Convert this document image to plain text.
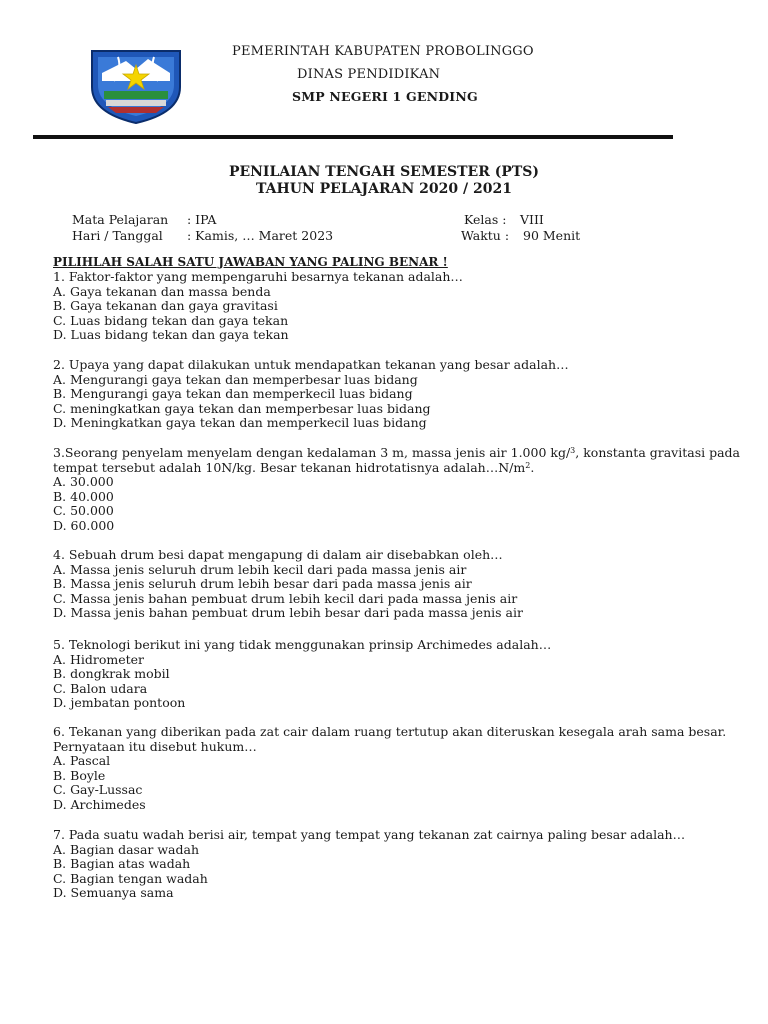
PEMERINTAH KABUPATEN PROBOLINGGO
DINAS PENDIDIKAN
SMP NEGERI 1 GENDING
PENILAIAN TENGAH SEMESTER (PTS)
TAHUN PELAJARAN 2020 / 2021
Mata Pelajaran : IPA
Hari / Tanggal : Kamis, … Maret 2023
Kelas : VIII
Waktu : 90 Menit
PILIHLAH SALAH SATU JAWABAN YANG PALING BENAR !
1. Faktor-faktor yang mempengaruhi besarnya tekanan adalah…
A. Gaya tekanan dan massa benda
B. Gaya tekanan dan gaya gravitasi
C. Luas bidang tekan dan gaya tekan
D. Luas bidang tekan dan gaya tekan
2. Upaya yang dapat dilakukan untuk mendapatkan tekanan yang besar adalah…
A. Mengurangi gaya tekan dan memperbesar luas bidang
B. Mengurangi gaya tekan dan memperkecil luas bidang
C. meningkatkan gaya tekan dan memperbesar luas bidang
D. Meningkatkan gaya tekan dan memperkecil luas bidang
3.Seorang penyelam menyelam dengan kedalaman 3 m, massa jenis air 1.000 kg/$^3$, konstanta gravitasi pada
tempat tersebut adalah 10N/kg. Besar tekanan hidrotatisnya $adalah\dots N/m^2$.
A. 30.000
B. 40.000
C. 50.000
D. 60.000
4. Sebuah drum besi dapat mengapung di dalam air disebabkan oleh…
A. Massa jenis seluruh drum lebih kecil dari pada massa jenis air
B. Massa jenis seluruh drum lebih besar dari pada massa jenis air
C. Massa jenis bahan pembuat drum lebih kecil dari pada massa jenis air
D. Massa jenis bahan pembuat drum lebih besar dari pada massa jenis air
5. Teknologi berikut ini yang tidak menggunakan prinsip Archimedes adalah…
A. Hidrometer
B. dongkrak mobil
C. Balon udara
D. jembatan pontoon
6. Tekanan yang diberikan pada zat cair dalam ruang tertutup akan diteruskan kesegala arah sama besar.
Pernyataan itu disebut hukum…
A. Pascal
B. Boyle
C. Gay-Lussac
D. Archimedes
7. Pada suatu wadah berisi air, tempat yang tempat yang tekanan zat cairnya paling besar adalah…
A. Bagian dasar wadah
B. Bagian atas wadah
C. Bagian tengan wadah
D. Semuanya sama
